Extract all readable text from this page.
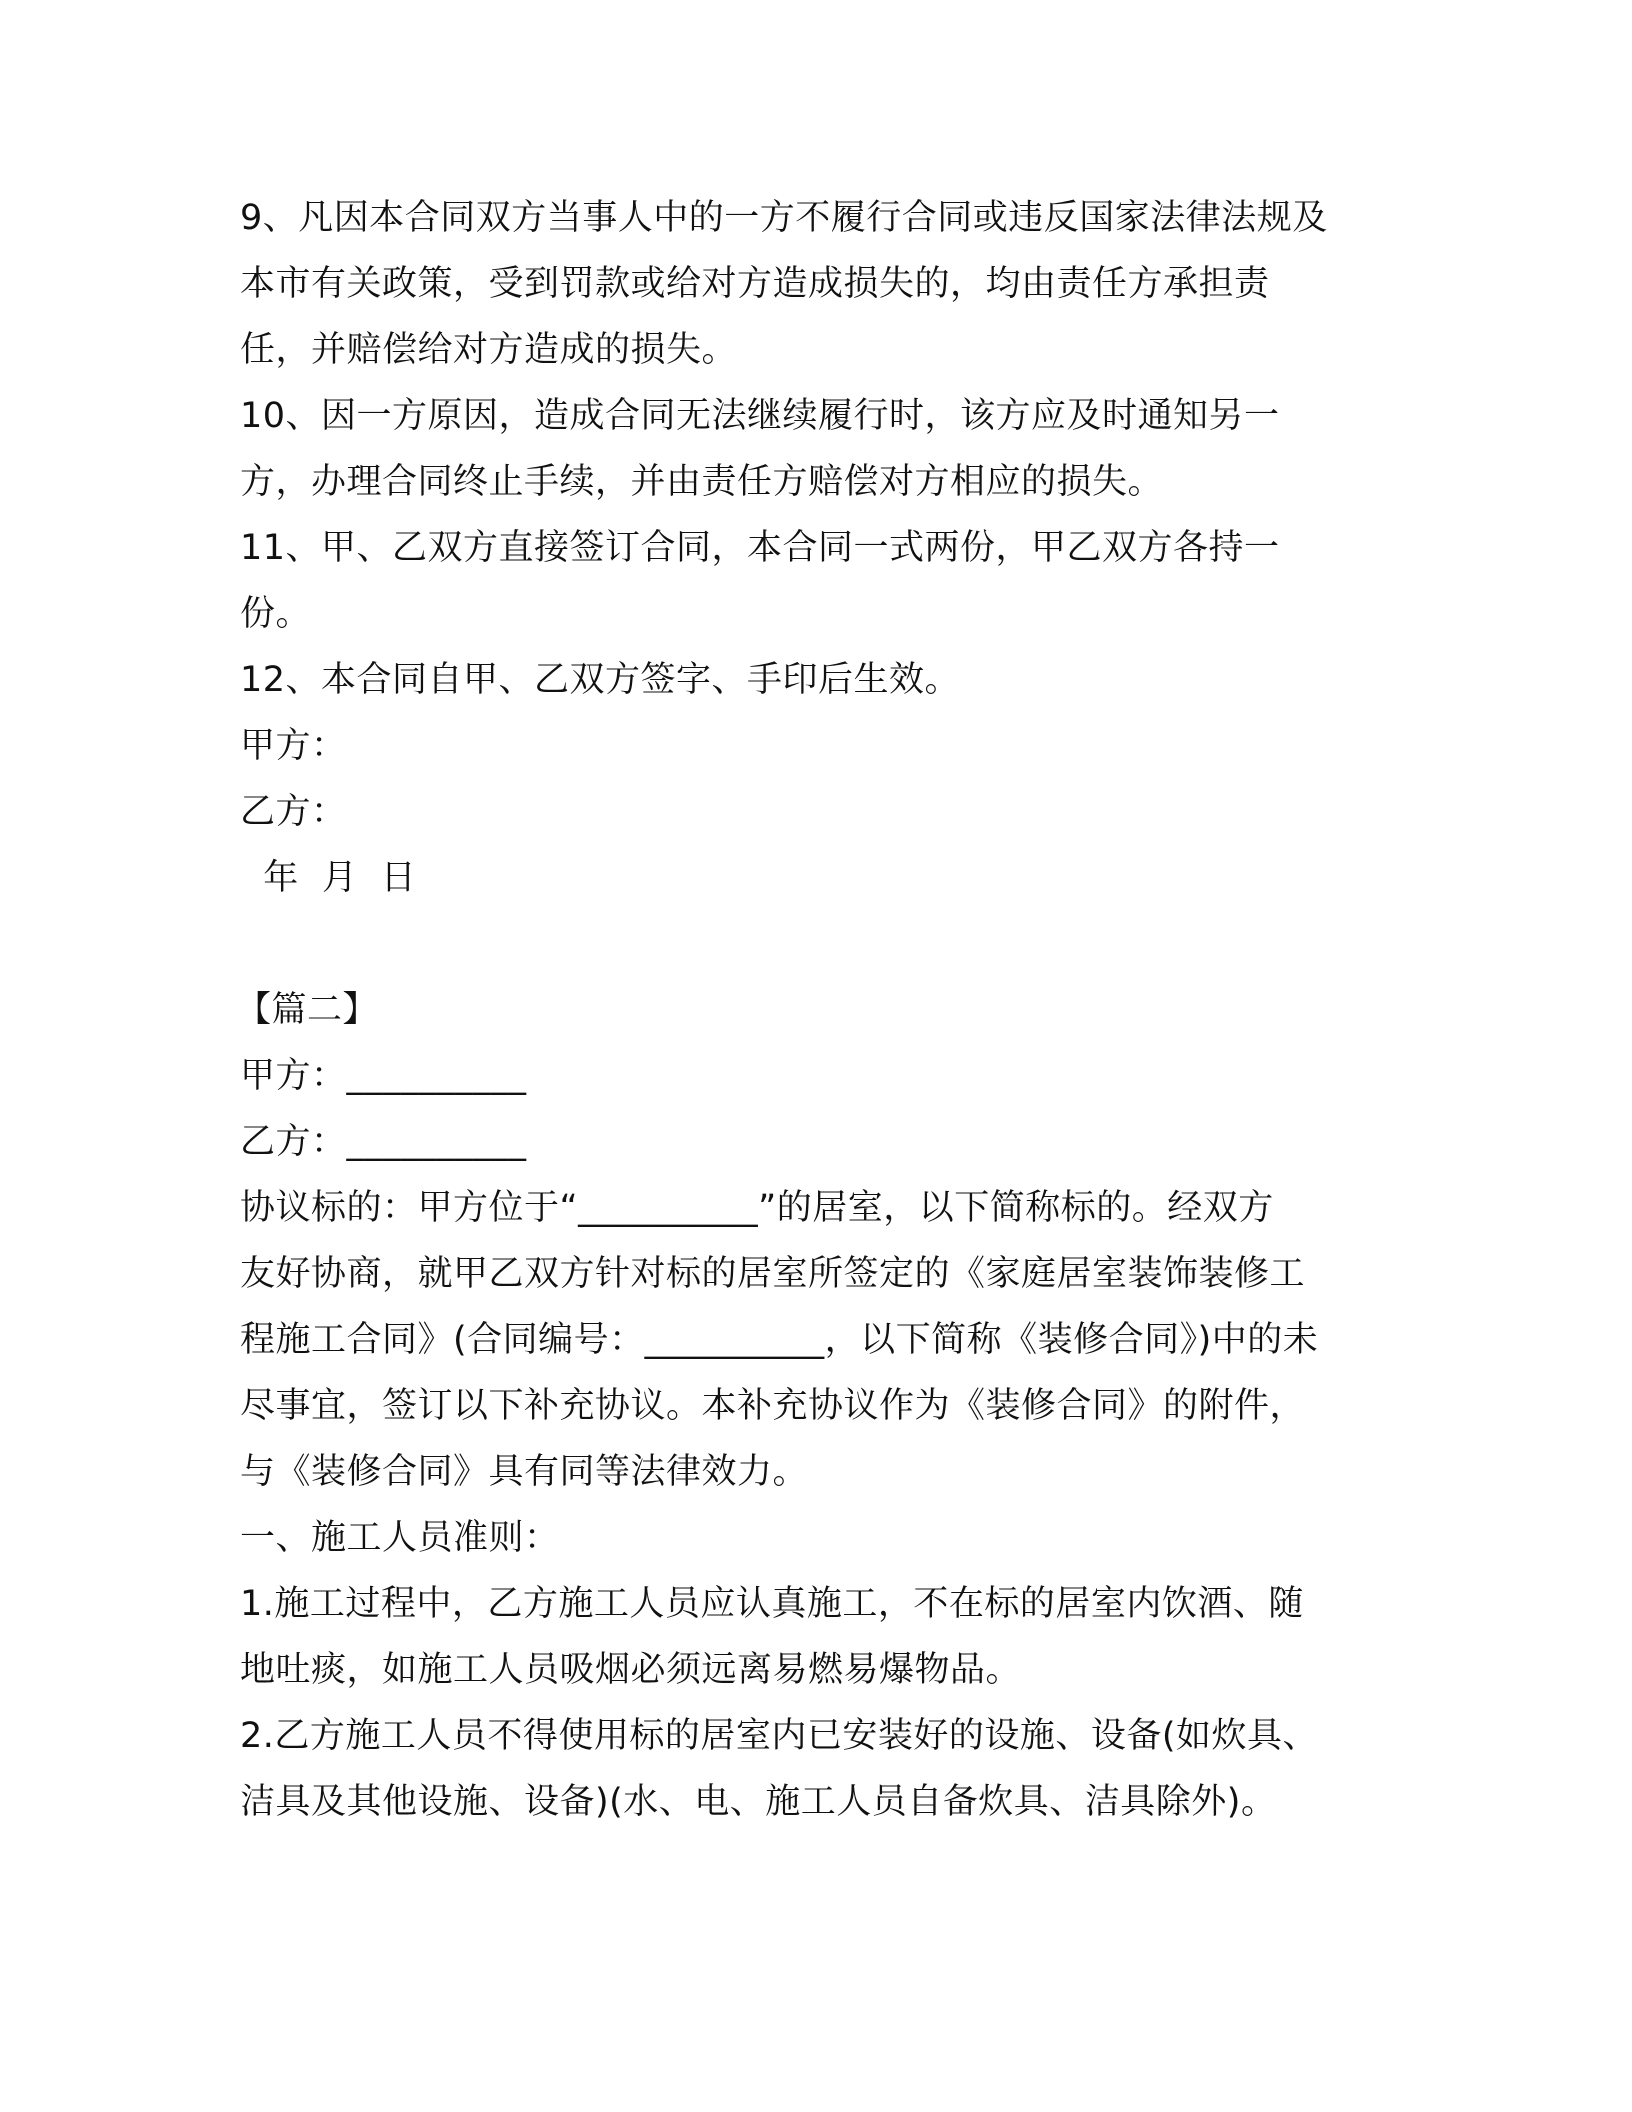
9、凡因本合同双方当事人中的一方不履行合同或违反国家法律法规及
本市有关政策，受到罚款或给对方造成损失的，均由责任方承担责
任，并赔偿给对方造成的损失。
10、因一方原因，造成合同无法继续履行时，该方应及时通知另一
方，办理合同终止手续，并由责任方赔偿对方相应的损失。
11、甲、乙双方直接签订合同，本合同一式两份，甲乙双方各持一
份。
12、本合同自甲、乙双方签字、手印后生效。
甲方：
乙方：
年  月  日
【篇二】
甲方：__________
乙方：__________
协议标的：甲方位于“__________”的居室，以下简称标的。经双方
友好协商，就甲乙双方针对标的居室所签定的《家庭居室装饰装修工
程施工合同》(合同编号：__________，以下简称《装修合同》)中的未
尽事宜，签订以下补充协议。本补充协议作为《装修合同》的附件，
与《装修合同》具有同等法律效力。
一、施工人员准则：
1.施工过程中，乙方施工人员应认真施工，不在标的居室内饮酒、随
地吐痰，如施工人员吸烟必须远离易燃易爆物品。
2.乙方施工人员不得使用标的居室内已安装好的设施、设备(如炊具、
洁具及其他设施、设备)(水、电、施工人员自备炊具、洁具除外)。
